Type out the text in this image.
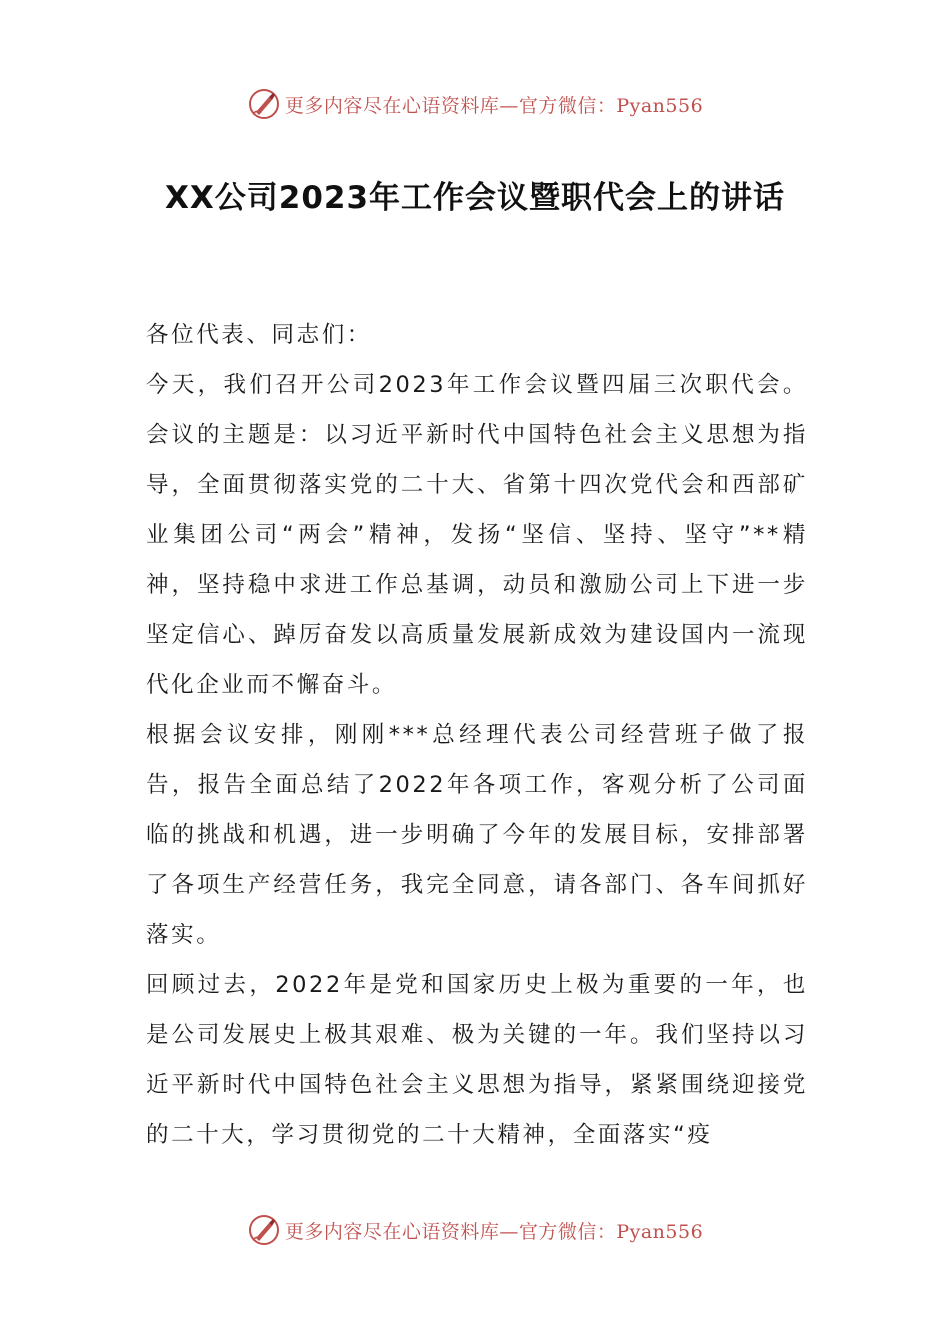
更多内容尽在心语资料库—官方微信：Pyan556
XX公司2023年工作会议暨职代会上的讲话

各位代表、同志们：

今天，我们召开公司2023年工作会议暨四届三次职代会。会议的主题是：以习近平新时代中国特色社会主义思想为指导，全面贯彻落实党的二十大、省第十四次党代会和西部矿业集团公司“两会”精神，发扬“坚信、坚持、坚守”**精神，坚持稳中求进工作总基调，动员和激励公司上下进一步坚定信心、踔厉奋发以高质量发展新成效为建设国内一流现代化企业而不懈奋斗。

根据会议安排，刚刚***总经理代表公司经营班子做了报告，报告全面总结了2022年各项工作，客观分析了公司面临的挑战和机遇，进一步明确了今年的发展目标，安排部署了各项生产经营任务，我完全同意，请各部门、各车间抓好落实。

回顾过去，2022年是党和国家历史上极为重要的一年，也是公司发展史上极其艰难、极为关键的一年。我们坚持以习近平新时代中国特色社会主义思想为指导，紧紧围绕迎接党的二十大，学习贯彻党的二十大精神，全面落实“疫

更多内容尽在心语资料库—官方微信：Pyan556
